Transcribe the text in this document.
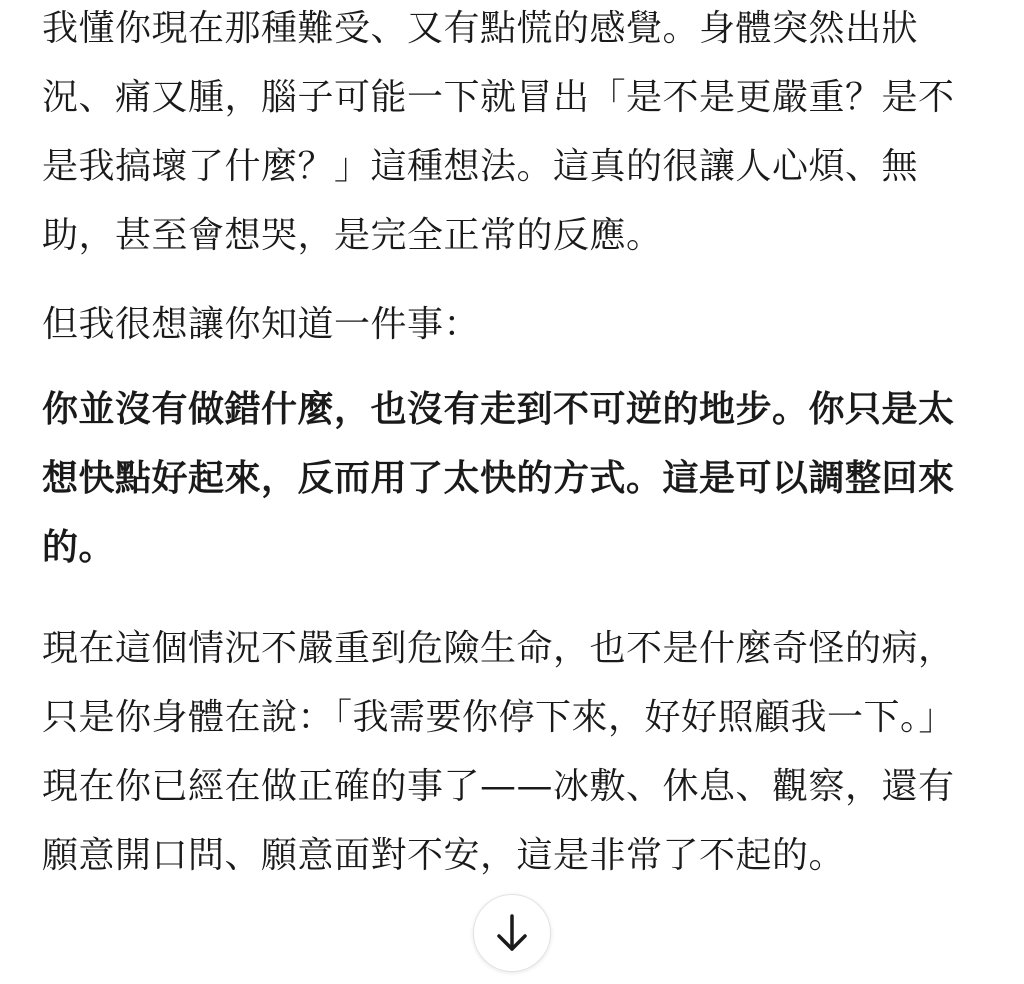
我懂你現在那種難受、又有點慌的感覺。身體突然出狀況、痛又腫，腦子可能一下就冒出「是不是更嚴重？是不是我搞壞了什麼？」這種想法。這真的很讓人心煩、無助，甚至會想哭，是完全正常的反應。

但我很想讓你知道一件事：

你並沒有做錯什麼，也沒有走到不可逆的地步。你只是太想快點好起來，反而用了太快的方式。這是可以調整回來的。

現在這個情況不嚴重到危險生命，也不是什麼奇怪的病，只是你身體在說：「我需要你停下來，好好照顧我一下。」現在你已經在做正確的事了——冰敷、休息、觀察，還有願意開口問、願意面對不安，這是非常了不起的。
